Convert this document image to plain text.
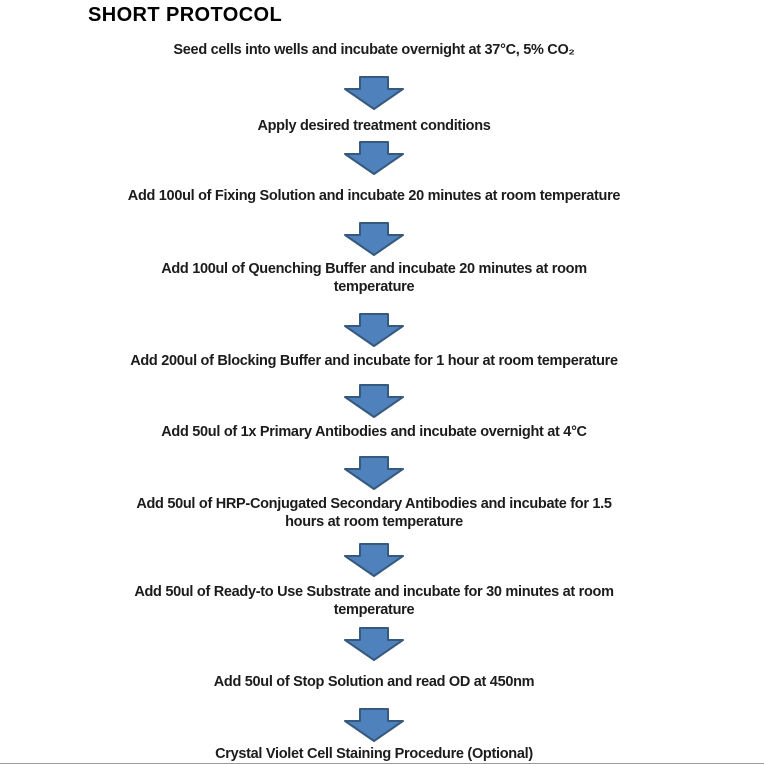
SHORT PROTOCOL
Seed cells into wells and incubate overnight at 37°C, 5% CO₂
Apply desired treatment conditions
Add 100ul of Fixing Solution and incubate 20 minutes at room temperature
Add 100ul of Quenching Buffer and incubate 20 minutes at room
temperature
Add 200ul of Blocking Buffer and incubate for 1 hour at room temperature
Add 50ul of 1x Primary Antibodies and incubate overnight at 4°C
Add 50ul of HRP-Conjugated Secondary Antibodies and incubate for 1.5
hours at room temperature
Add 50ul of Ready-to Use Substrate and incubate for 30 minutes at room
temperature
Add 50ul of Stop Solution and read OD at 450nm
Crystal Violet Cell Staining Procedure (Optional)
